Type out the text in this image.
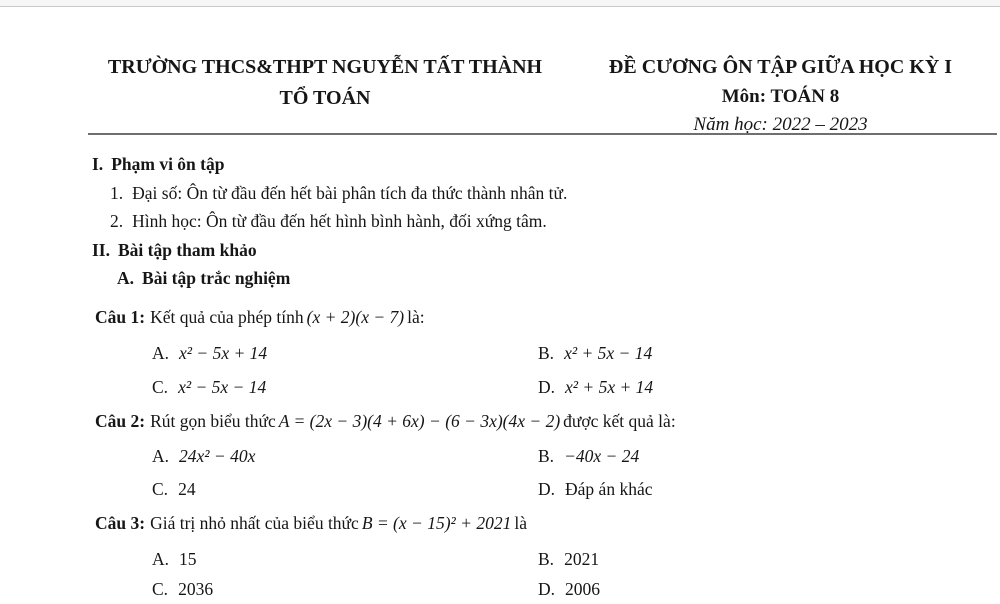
TRƯỜNG THCS&THPT NGUYỄN TẤT THÀNH
TỔ TOÁN
ĐỀ CƯƠNG ÔN TẬP GIỮA HỌC KỲ I
Môn: TOÁN 8
Năm học: 2022 – 2023
I. Phạm vi ôn tập
1. Đại số: Ôn từ đầu đến hết bài phân tích đa thức thành nhân tử.
2. Hình học: Ôn từ đầu đến hết hình bình hành, đối xứng tâm.
II. Bài tập tham khảo
A. Bài tập trắc nghiệm
Câu 1: Kết quả của phép tính (x + 2)(x − 7) là:
A. x² − 5x + 14	B. x² + 5x − 14
C. x² − 5x − 14	D. x² + 5x + 14
Câu 2: Rút gọn biểu thức A = (2x − 3)(4 + 6x) − (6 − 3x)(4x − 2) được kết quả là:
A. 24x² − 40x	B. −40x − 24
C. 24	D. Đáp án khác
Câu 3: Giá trị nhỏ nhất của biểu thức B = (x − 15)² + 2021 là
A. 15	B. 2021
C. 2036	D. 2006
